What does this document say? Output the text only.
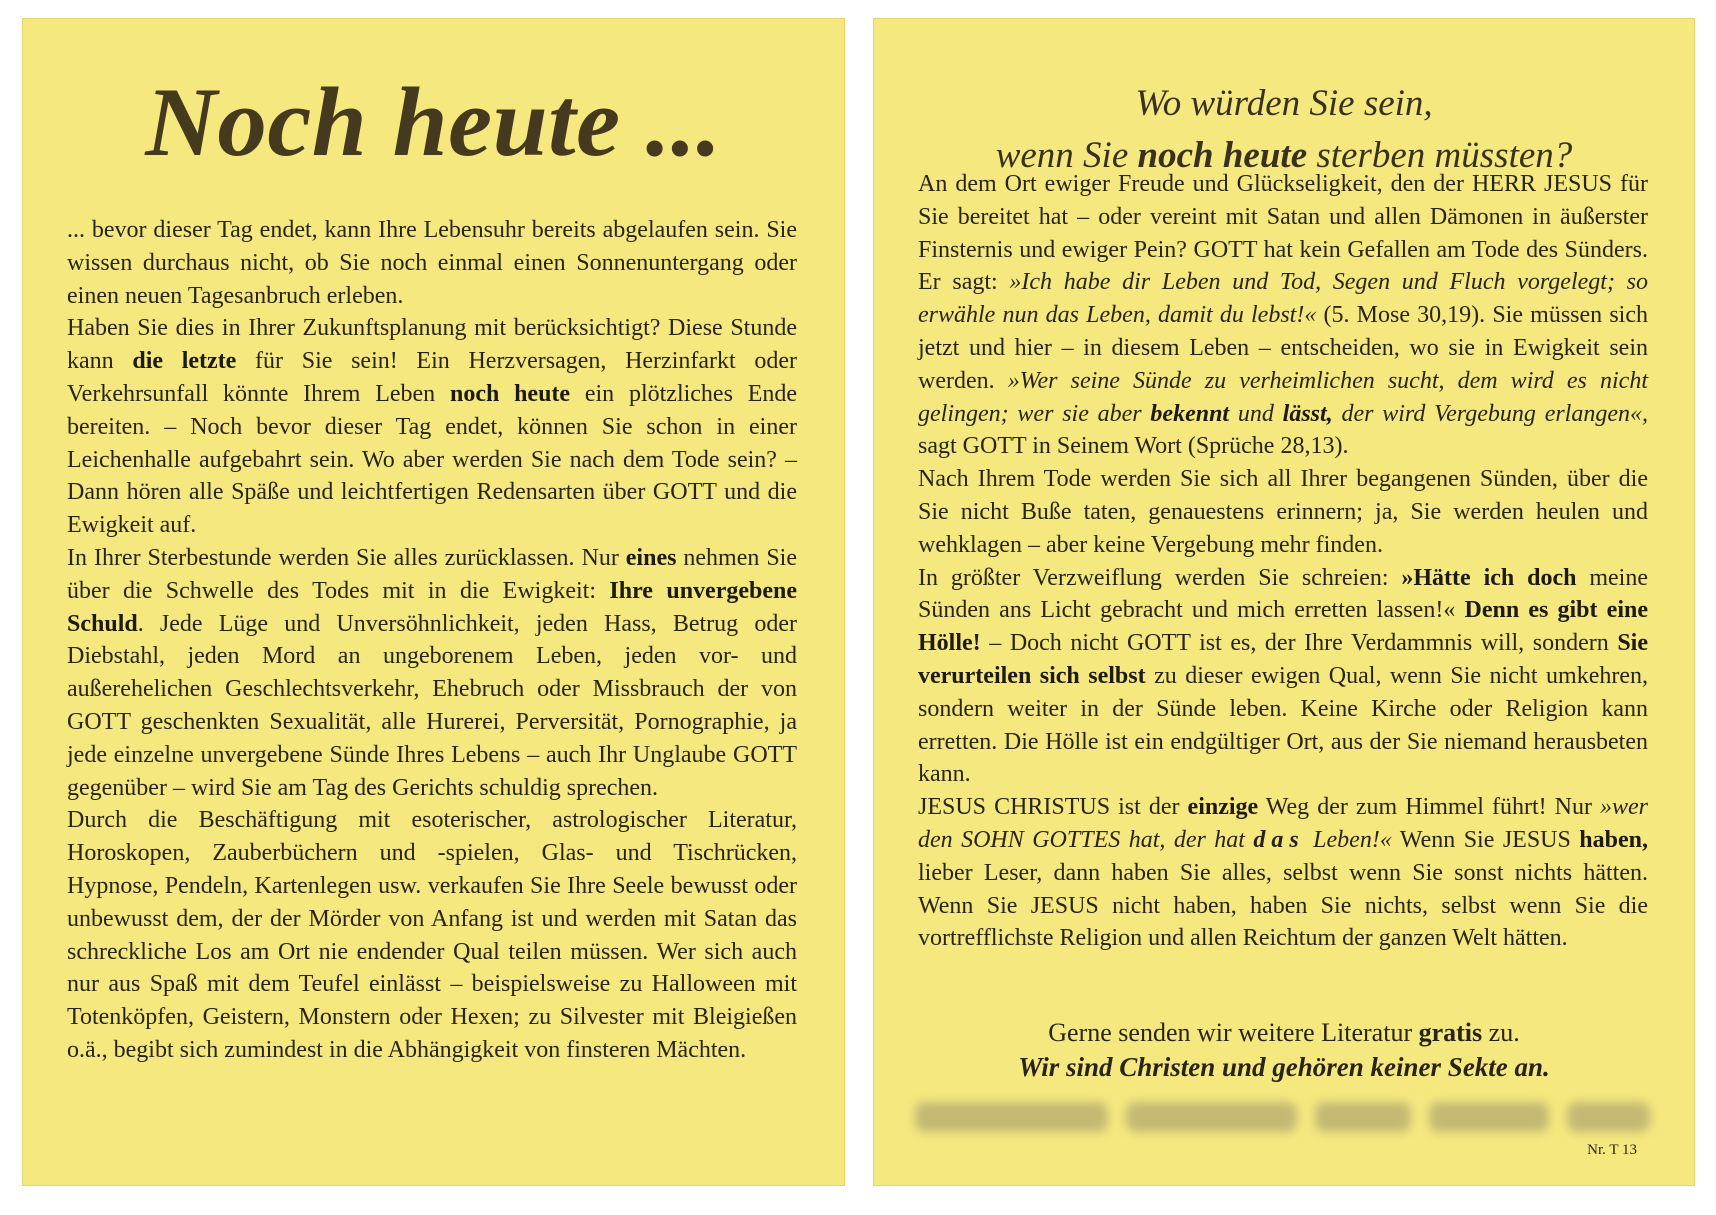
Noch heute ...

... bevor dieser Tag endet, kann Ihre Lebensuhr bereits abgelaufen sein. Sie wissen durchaus nicht, ob Sie noch einmal einen Sonnenuntergang oder einen neuen Tagesanbruch erleben.

Haben Sie dies in Ihrer Zukunftsplanung mit berücksichtigt? Diese Stunde kann die letzte für Sie sein! Ein Herzversagen, Herzinfarkt oder Verkehrsunfall könnte Ihrem Leben noch heute ein plötzliches Ende bereiten. – Noch bevor dieser Tag endet, können Sie schon in einer Leichenhalle aufgebahrt sein. Wo aber werden Sie nach dem Tode sein? – Dann hören alle Späße und leichtfertigen Redensarten über GOTT und die Ewigkeit auf.

In Ihrer Sterbestunde werden Sie alles zurücklassen. Nur eines nehmen Sie über die Schwelle des Todes mit in die Ewigkeit: Ihre unvergebene Schuld. Jede Lüge und Unversöhnlichkeit, jeden Hass, Betrug oder Diebstahl, jeden Mord an ungeborenem Leben, jeden vor- und außerehelichen Geschlechtsverkehr, Ehebruch oder Missbrauch der von GOTT geschenkten Sexualität, alle Hurerei, Perversität, Pornographie, ja jede einzelne unvergebene Sünde Ihres Lebens – auch Ihr Unglaube GOTT gegenüber – wird Sie am Tag des Gerichts schuldig sprechen.

Durch die Beschäftigung mit esoterischer, astrologischer Literatur, Horoskopen, Zauberbüchern und -spielen, Glas- und Tischrücken, Hypnose, Pendeln, Kartenlegen usw. verkaufen Sie Ihre Seele bewusst oder unbewusst dem, der der Mörder von Anfang ist und werden mit Satan das schreckliche Los am Ort nie endender Qual teilen müssen. Wer sich auch nur aus Spaß mit dem Teufel einlässt – beispielsweise zu Halloween mit Totenköpfen, Geistern, Monstern oder Hexen; zu Silvester mit Bleigießen o.ä., begibt sich zumindest in die Abhängigkeit von finsteren Mächten.

Wo würden Sie sein,
wenn Sie noch heute sterben müssten?

An dem Ort ewiger Freude und Glückseligkeit, den der HERR JESUS für Sie bereitet hat – oder vereint mit Satan und allen Dämonen in äußerster Finsternis und ewiger Pein? GOTT hat kein Gefallen am Tode des Sünders. Er sagt: »Ich habe dir Leben und Tod, Segen und Fluch vorgelegt; so erwähle nun das Leben, damit du lebst!« (5. Mose 30,19). Sie müssen sich jetzt und hier – in diesem Leben – entscheiden, wo sie in Ewigkeit sein werden. »Wer seine Sünde zu verheimlichen sucht, dem wird es nicht gelingen; wer sie aber bekennt und lässt, der wird Vergebung erlangen«, sagt GOTT in Seinem Wort (Sprüche 28,13).

Nach Ihrem Tode werden Sie sich all Ihrer begangenen Sünden, über die Sie nicht Buße taten, genauestens erinnern; ja, Sie werden heulen und wehklagen – aber keine Vergebung mehr finden.

In größter Verzweiflung werden Sie schreien: »Hätte ich doch meine Sünden ans Licht gebracht und mich erretten lassen!« Denn es gibt eine Hölle! – Doch nicht GOTT ist es, der Ihre Verdammnis will, sondern Sie verurteilen sich selbst zu dieser ewigen Qual, wenn Sie nicht umkehren, sondern weiter in der Sünde leben. Keine Kirche oder Religion kann erretten. Die Hölle ist ein endgültiger Ort, aus der Sie niemand herausbeten kann.

JESUS CHRISTUS ist der einzige Weg der zum Himmel führt! Nur »wer den SOHN GOTTES hat, der hat das Leben!« Wenn Sie JESUS haben, lieber Leser, dann haben Sie alles, selbst wenn Sie sonst nichts hätten. Wenn Sie JESUS nicht haben, haben Sie nichts, selbst wenn Sie die vortrefflichste Religion und allen Reichtum der ganzen Welt hätten.

Gerne senden wir weitere Literatur gratis zu.
Wir sind Christen und gehören keiner Sekte an.
Nr. T 13
